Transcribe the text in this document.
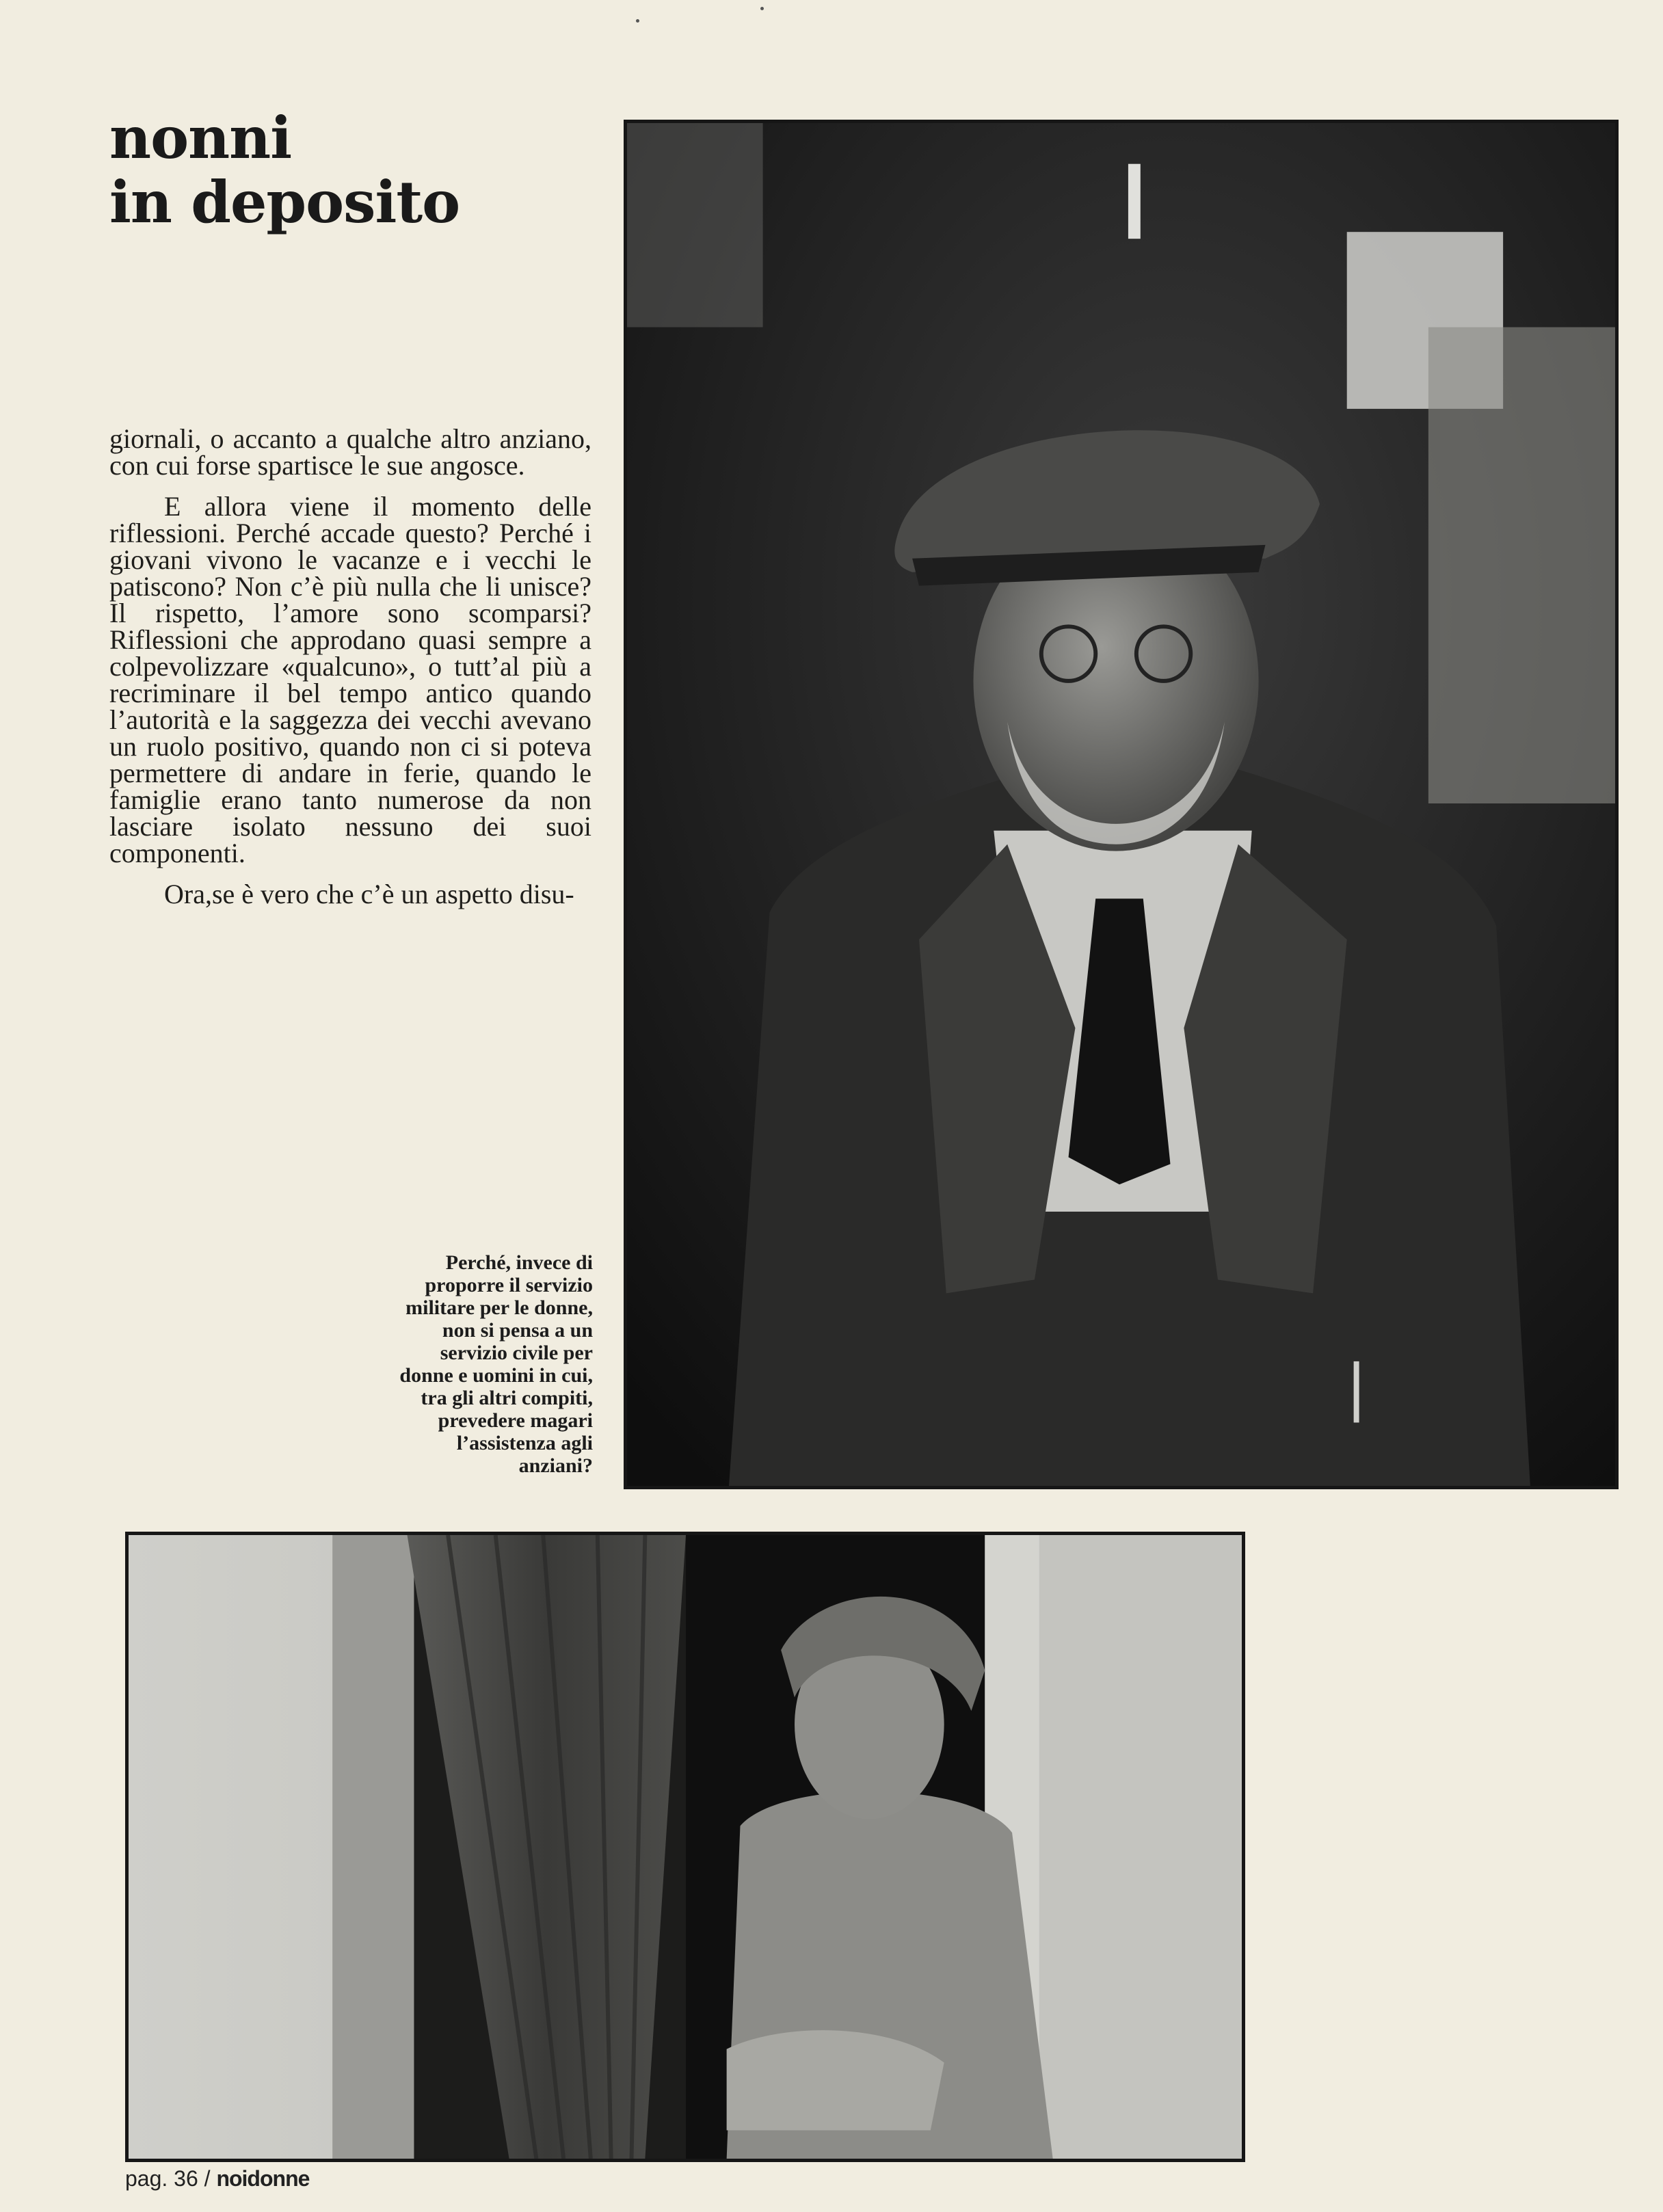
nonni
in deposito

giornali, o accanto a qualche altro anziano, con cui forse spartisce le sue angosce.

E allora viene il momento delle riflessioni. Perché accade questo? Perché i giovani vivono le vacanze e i vecchi le patiscono? Non c’è più nulla che li unisce? Il rispetto, l’amore sono scomparsi? Riflessioni che approdano quasi sempre a colpevolizzare «qualcuno», o tutt’al più a recriminare il bel tempo antico quando l’autorità e la saggezza dei vecchi avevano un ruolo positivo, quando non ci si poteva permettere di andare in ferie, quando le famiglie erano tanto numerose da non lasciare isolato nessuno dei suoi componenti.

Ora,se è vero che c’è un aspetto disu-

Perché, invece di
proporre il servizio
militare per le donne,
non si pensa a un
servizio civile per
donne e uomini in cui,
tra gli altri compiti,
prevedere magari
l’assistenza agli
anziani?
pag. 36 / noidonne
